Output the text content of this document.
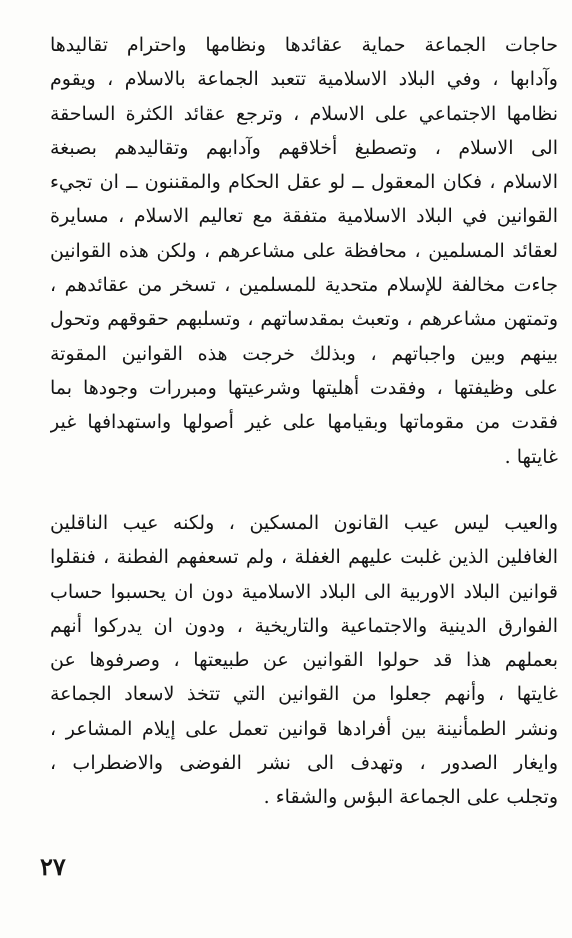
حاجات الجماعة حماية عقائدها ونظامها واحترام تقاليدها
وآدابها ، وفي البلاد الاسلامية تتعبد الجماعة بالاسلام ، ويقوم
نظامها الاجتماعي على الاسلام ، وترجع عقائد الكثرة الساحقة
الى الاسلام ، وتصطبغ أخلاقهم وآدابهم وتقاليدهم بصبغة
الاسلام ، فكان المعقول ــ لو عقل الحكام والمقننون ــ ان تجيء
القوانين في البلاد الاسلامية متفقة مع تعاليم الاسلام ، مسايرة
لعقائد المسلمين ، محافظة على مشاعرهم ، ولكن هذه القوانين
جاءت مخالفة للإسلام متحدية للمسلمين ، تسخر من عقائدهم ،
وتمتهن مشاعرهم ، وتعبث بمقدساتهم ، وتسلبهم حقوقهم وتحول
بينهم وبين واجباتهم ، وبذلك خرجت هذه القوانين المقوتة
على وظيفتها ، وفقدت أهليتها وشرعيتها ومبررات وجودها بما
فقدت من مقوماتها وبقيامها على غير أصولها واستهدافها غير
غايتها .
والعيب ليس عيب القانون المسكين ، ولكنه عيب الناقلين
الغافلين الذين غلبت عليهم الغفلة ، ولم تسعفهم الفطنة ، فنقلوا
قوانين البلاد الاوربية الى البلاد الاسلامية دون ان يحسبوا حساب
الفوارق الدينية والاجتماعية والتاريخية ، ودون ان يدركوا أنهم
بعملهم هذا قد حولوا القوانين عن طبيعتها ، وصرفوها عن
غايتها ، وأنهم جعلوا من القوانين التي تتخذ لاسعاد الجماعة
ونشر الطمأنينة بين أفرادها قوانين تعمل على إيلام المشاعر ،
وايغار الصدور ، وتهدف الى نشر الفوضى والاضطراب ،
وتجلب على الجماعة البؤس والشقاء .
٢٧
